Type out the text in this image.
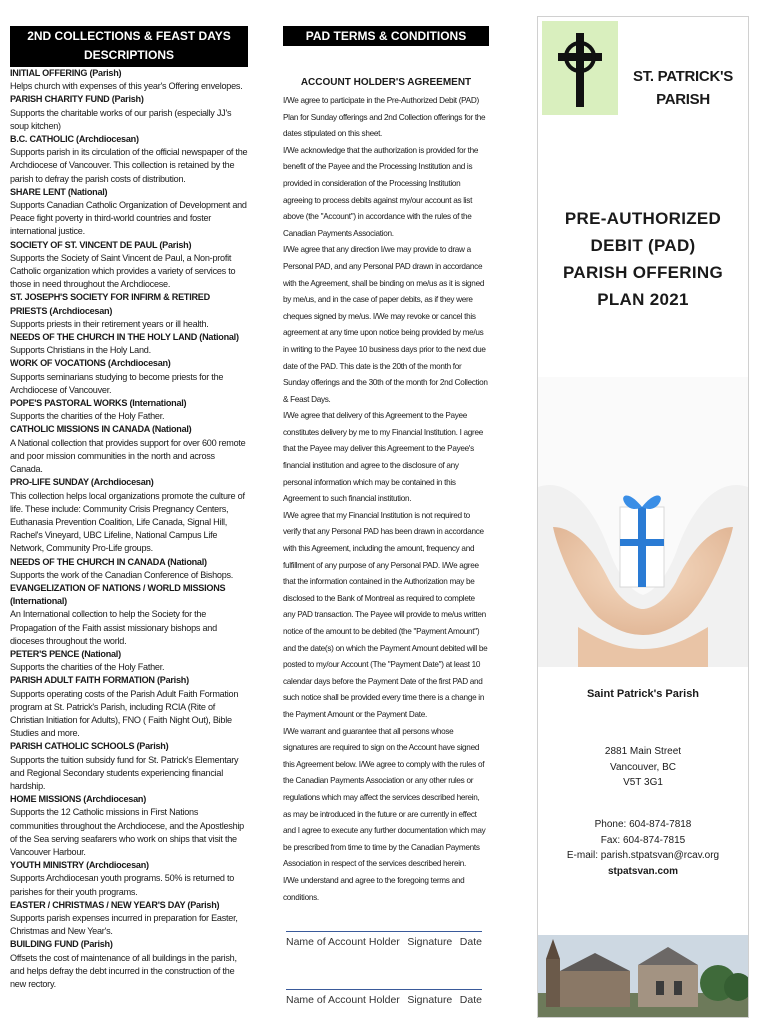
2ND COLLECTIONS & FEAST DAYS DESCRIPTIONS
INITIAL OFFERING (Parish)
Helps church with expenses of this year's Offering envelopes.
PARISH CHARITY FUND (Parish)
Supports the charitable works of our parish (especially JJ's soup kitchen)
B.C. CATHOLIC (Archdiocesan)
Supports parish in its circulation of the official newspaper of the Archdiocese of Vancouver. This collection is retained by the parish to defray the parish costs of distribution.
SHARE LENT (National)
Supports Canadian Catholic Organization of Development and Peace fight poverty in third-world countries and foster international justice.
SOCIETY OF ST. VINCENT DE PAUL (Parish)
Supports the Society of Saint Vincent de Paul, a Non-profit Catholic organization which provides a variety of services to those in need throughout the Archdiocese.
ST. JOSEPH'S SOCIETY FOR INFIRM & RETIRED PRIESTS (Archdiocesan)
Supports priests in their retirement years or ill health.
NEEDS OF THE CHURCH IN THE HOLY LAND (National)
Supports Christians in the Holy Land.
WORK OF VOCATIONS (Archdiocesan)
Supports seminarians studying to become priests for the Archdiocese of Vancouver.
POPE'S PASTORAL WORKS (International)
Supports the charities of the Holy Father.
CATHOLIC MISSIONS IN CANADA (National)
A National collection that provides support for over 600 remote and poor mission communities in the north and across Canada.
PRO-LIFE SUNDAY (Archdiocesan)
This collection helps local organizations promote the culture of life. These include: Community Crisis Pregnancy Centers, Euthanasia Prevention Coalition, Life Canada, Signal Hill, Rachel's Vineyard, UBC Lifeline, National Campus Life Network, Community Pro-Life groups.
NEEDS OF THE CHURCH IN CANADA (National)
Supports the work of the Canadian Conference of Bishops.
EVANGELIZATION OF NATIONS / WORLD MISSIONS (International)
An International collection to help the Society for the Propagation of the Faith assist missionary bishops and dioceses throughout the world.
PETER'S PENCE (National)
Supports the charities of the Holy Father.
PARISH ADULT FAITH FORMATION (Parish)
Supports operating costs of the Parish Adult Faith Formation program at St. Patrick's Parish, including RCIA (Rite of Christian Initiation for Adults), FNO ( Faith Night Out), Bible Studies and more.
PARISH CATHOLIC SCHOOLS (Parish)
Supports the tuition subsidy fund for St. Patrick's Elementary and Regional Secondary students experiencing financial hardship.
HOME MISSIONS (Archdiocesan)
Supports the 12 Catholic missions in First Nations communities throughout the Archdiocese, and the Apostleship of the Sea serving seafarers who work on ships that visit the Vancouver Harbour.
YOUTH MINISTRY (Archdiocesan)
Supports Archdiocesan youth programs. 50% is returned to parishes for their youth programs.
EASTER / CHRISTMAS / NEW YEAR'S DAY (Parish)
Supports parish expenses incurred in preparation for Easter, Christmas and New Year's.
BUILDING FUND (Parish)
Offsets the cost of maintenance of all buildings in the parish, and helps defray the debt incurred in the construction of the new rectory.
PAD TERMS & CONDITIONS
ACCOUNT HOLDER'S AGREEMENT

I/We agree to participate in the Pre-Authorized Debit (PAD) Plan for Sunday offerings and 2nd Collection offerings for the dates stipulated on this sheet.

I/We acknowledge that the authorization is provided for the benefit of the Payee and the Processing Institution and is provided in consideration of the Processing Institution agreeing to process debits against my/our account as list above (the "Account") in accordance with the rules of the Canadian Payments Association.

I/We agree that any direction I/we may provide to draw a Personal PAD, and any Personal PAD drawn in accordance with the Agreement, shall be binding on me/us as it is signed by me/us, and in the case of paper debits, as if they were cheques signed by me/us. I/We may revoke or cancel this agreement at any time upon notice being provided by me/us in writing to the Payee 10 business days prior to the next due date of the PAD. This date is the 20th of the month for Sunday offerings and the 30th of the month for 2nd Collection & Feast Days.

I/We agree that delivery of this Agreement to the Payee constitutes delivery by me to my Financial Institution. I agree that the Payee may deliver this Agreement to the Payee's financial institution and agree to the disclosure of any personal information which may be contained in this Agreement to such financial institution.

I/We agree that my Financial Institution is not required to verify that any Personal PAD has been drawn in accordance with this Agreement, including the amount, frequency and fulfillment of any purpose of any Personal PAD. I/We agree that the information contained in the Authorization may be disclosed to the Bank of Montreal as required to complete any PAD transaction. The Payee will provide to me/us written notice of the amount to be debited (the "Payment Amount") and the date(s) on which the Payment Amount debited will be posted to my/our Account (The "Payment Date") at least 10 calendar days before the Payment Date of the first PAD and such notice shall be provided every time there is a change in the Payment Amount or the Payment Date.

I/We warrant and guarantee that all persons whose signatures are required to sign on the Account have signed this Agreement below. I/We agree to comply with the rules of the Canadian Payments Association or any other rules or regulations which may affect the services described herein, as may be introduced in the future or are currently in effect and I agree to execute any further documentation which may be prescribed from time to time by the Canadian Payments Association in respect of the services described herein.

I/We understand and agree to the foregoing terms and conditions.

Name of Account Holder Signature Date
Name of Account Holder Signature Date
ST. PATRICK'S
PARISH
PRE-AUTHORIZED
DEBIT (PAD)
PARISH OFFERING
PLAN 2021
Saint Patrick's Parish
2881 Main Street
Vancouver, BC
V5T 3G1
Phone: 604-874-7818
Fax: 604-874-7815
E-mail: parish.stpatsvan@rcav.org
stpatsvan.com
